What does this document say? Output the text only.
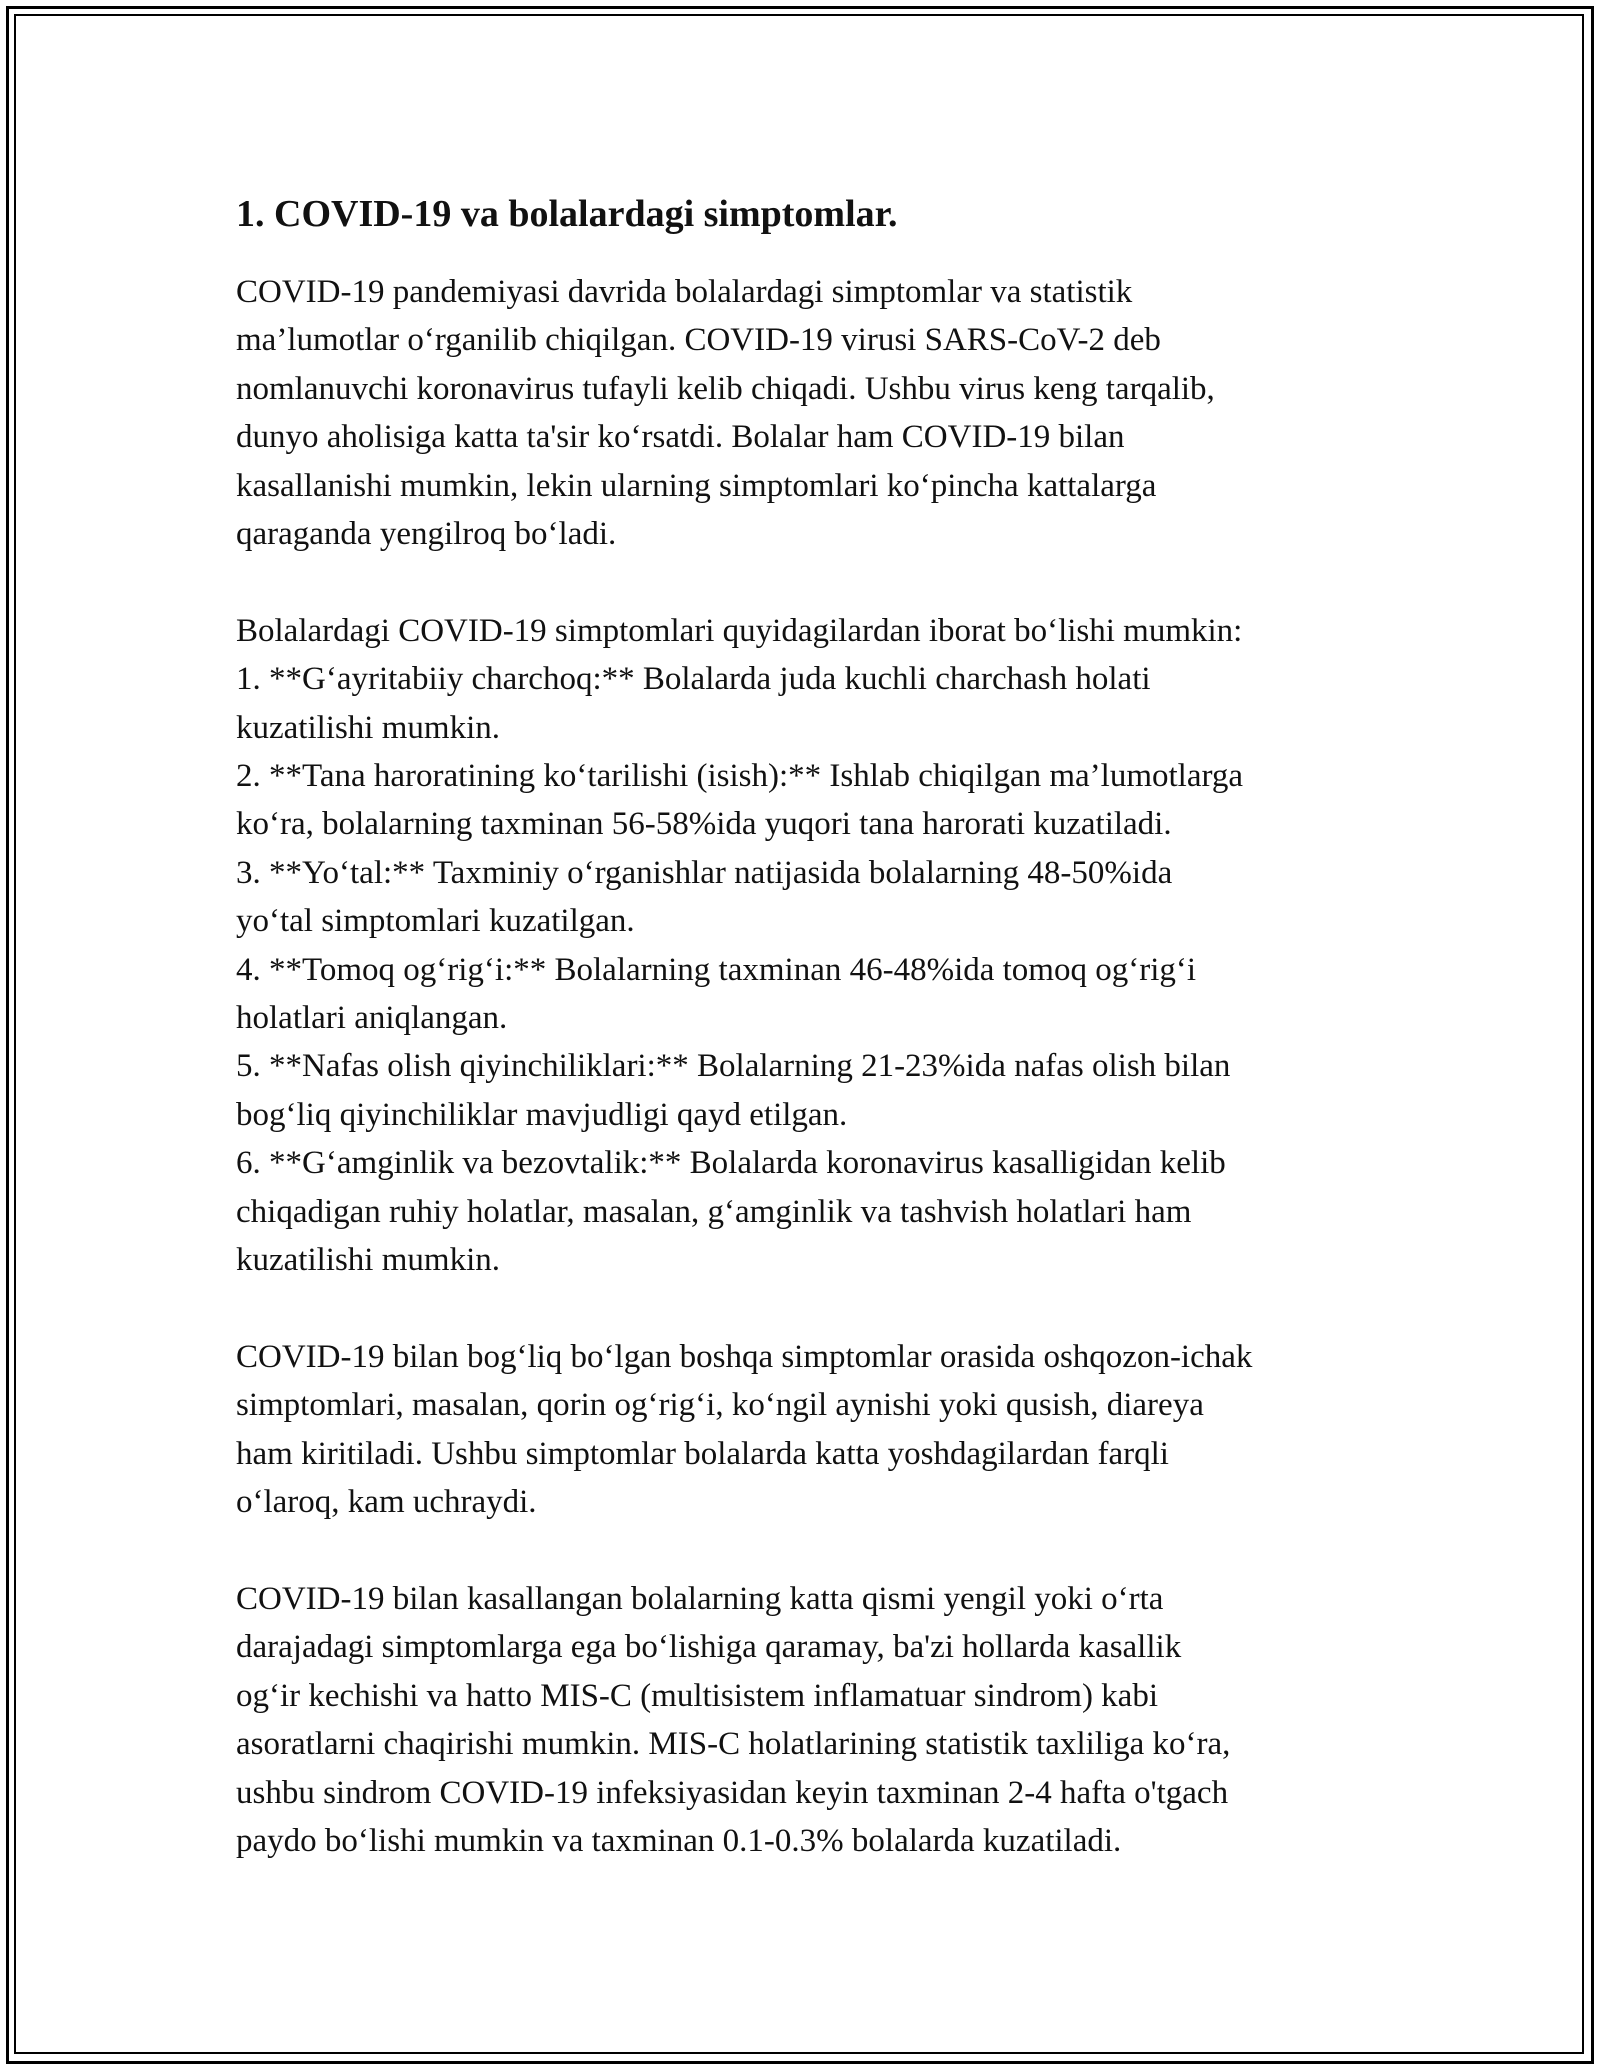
1. COVID-19 va bolalardagi simptomlar.

COVID-19 pandemiyasi davrida bolalardagi simptomlar va statistik

ma’lumotlar o‘rganilib chiqilgan. COVID-19 virusi SARS-CoV-2 deb

nomlanuvchi koronavirus tufayli kelib chiqadi. Ushbu virus keng tarqalib,

dunyo aholisiga katta ta'sir ko‘rsatdi. Bolalar ham COVID-19 bilan

kasallanishi mumkin, lekin ularning simptomlari ko‘pincha kattalarga

qaraganda yengilroq bo‘ladi.

Bolalardagi COVID-19 simptomlari quyidagilardan iborat bo‘lishi mumkin:

1. **G‘ayritabiiy charchoq:** Bolalarda juda kuchli charchash holati

kuzatilishi mumkin.

2. **Tana haroratining ko‘tarilishi (isish):** Ishlab chiqilgan ma’lumotlarga

ko‘ra, bolalarning taxminan 56-58%ida yuqori tana harorati kuzatiladi.

3. **Yo‘tal:** Taxminiy o‘rganishlar natijasida bolalarning 48-50%ida

yo‘tal simptomlari kuzatilgan.

4. **Tomoq og‘rig‘i:** Bolalarning taxminan 46-48%ida tomoq og‘rig‘i

holatlari aniqlangan.

5. **Nafas olish qiyinchiliklari:** Bolalarning 21-23%ida nafas olish bilan

bog‘liq qiyinchiliklar mavjudligi qayd etilgan.

6. **G‘amginlik va bezovtalik:** Bolalarda koronavirus kasalligidan kelib

chiqadigan ruhiy holatlar, masalan, g‘amginlik va tashvish holatlari ham

kuzatilishi mumkin.

COVID-19 bilan bog‘liq bo‘lgan boshqa simptomlar orasida oshqozon-ichak

simptomlari, masalan, qorin og‘rig‘i, ko‘ngil aynishi yoki qusish, diareya

ham kiritiladi. Ushbu simptomlar bolalarda katta yoshdagilardan farqli

o‘laroq, kam uchraydi.

COVID-19 bilan kasallangan bolalarning katta qismi yengil yoki o‘rta

darajadagi simptomlarga ega bo‘lishiga qaramay, ba'zi hollarda kasallik

og‘ir kechishi va hatto MIS-C (multisistem inflamatuar sindrom) kabi

asoratlarni chaqirishi mumkin. MIS-C holatlarining statistik taxliliga ko‘ra,

ushbu sindrom COVID-19 infeksiyasidan keyin taxminan 2-4 hafta o'tgach

paydo bo‘lishi mumkin va taxminan 0.1-0.3% bolalarda kuzatiladi.
